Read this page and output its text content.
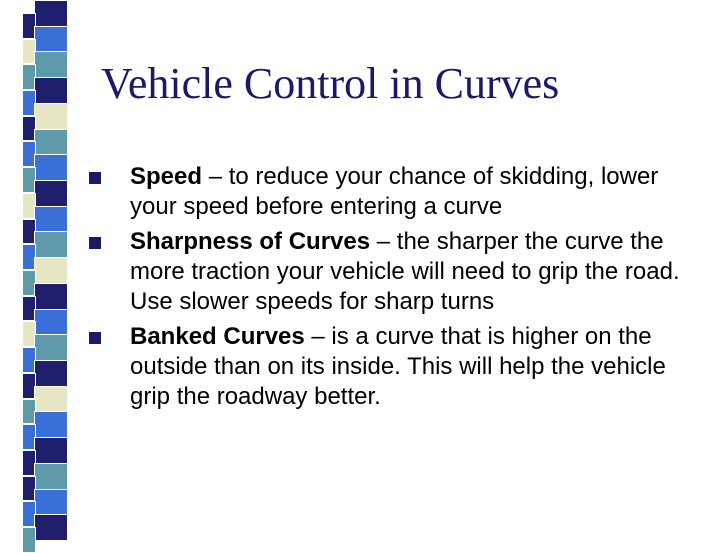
Vehicle Control in Curves
Speed – to reduce your chance of skidding, lower your speed before entering a curve
Sharpness of Curves – the sharper the curve the more traction your vehicle will need to grip the road. Use slower speeds for sharp turns
Banked Curves – is a curve that is higher on the outside than on its inside. This will help the vehicle grip the roadway better.
